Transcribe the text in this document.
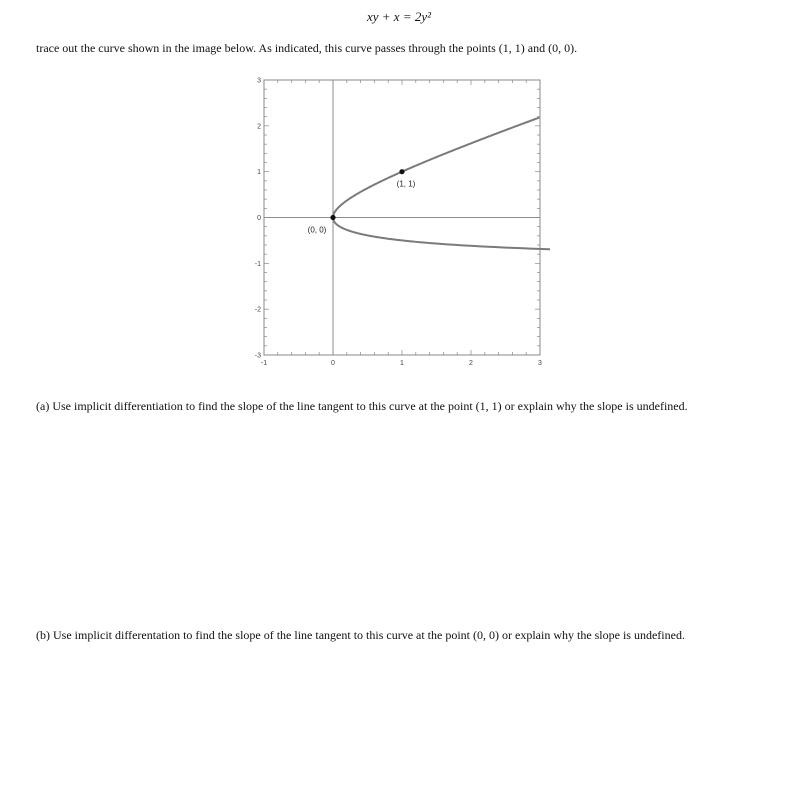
xy + x = 2y²
trace out the curve shown in the image below. As indicated, this curve passes through the points (1, 1) and (0, 0).
-1	0	1	2	3
3
2
1
0
-1
-2
-3
(1, 1)
(0, 0)
(a) Use implicit differentiation to find the slope of the line tangent to this curve at the point (1, 1) or explain why the slope is undefined.
(b) Use implicit differentation to find the slope of the line tangent to this curve at the point (0, 0) or explain why the slope is undefined.
